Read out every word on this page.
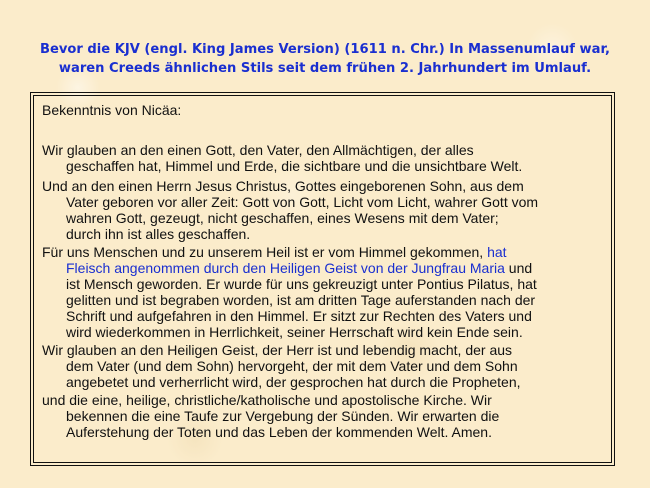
Bevor die KJV (engl. King James Version) (1611 n. Chr.) In Massenumlauf war,
waren Creeds ähnlichen Stils seit dem frühen 2. Jahrhundert im Umlauf.
Bekenntnis von Nicäa:
Wir glauben an den einen Gott, den Vater, den Allmächtigen, der alles
geschaffen hat, Himmel und Erde, die sichtbare und die unsichtbare Welt.
Und an den einen Herrn Jesus Christus, Gottes eingeborenen Sohn, aus dem
Vater geboren vor aller Zeit: Gott von Gott, Licht vom Licht, wahrer Gott vom
wahren Gott, gezeugt, nicht geschaffen, eines Wesens mit dem Vater;
durch ihn ist alles geschaffen.
Für uns Menschen und zu unserem Heil ist er vom Himmel gekommen, hat
Fleisch angenommen durch den Heiligen Geist von der Jungfrau Maria und
ist Mensch geworden. Er wurde für uns gekreuzigt unter Pontius Pilatus, hat
gelitten und ist begraben worden, ist am dritten Tage auferstanden nach der
Schrift und aufgefahren in den Himmel. Er sitzt zur Rechten des Vaters und
wird wiederkommen in Herrlichkeit, seiner Herrschaft wird kein Ende sein.
Wir glauben an den Heiligen Geist, der Herr ist und lebendig macht, der aus
dem Vater (und dem Sohn) hervorgeht, der mit dem Vater und dem Sohn
angebetet und verherrlicht wird, der gesprochen hat durch die Propheten,
und die eine, heilige, christliche/katholische und apostolische Kirche. Wir
bekennen die eine Taufe zur Vergebung der Sünden. Wir erwarten die
Auferstehung der Toten und das Leben der kommenden Welt. Amen.
